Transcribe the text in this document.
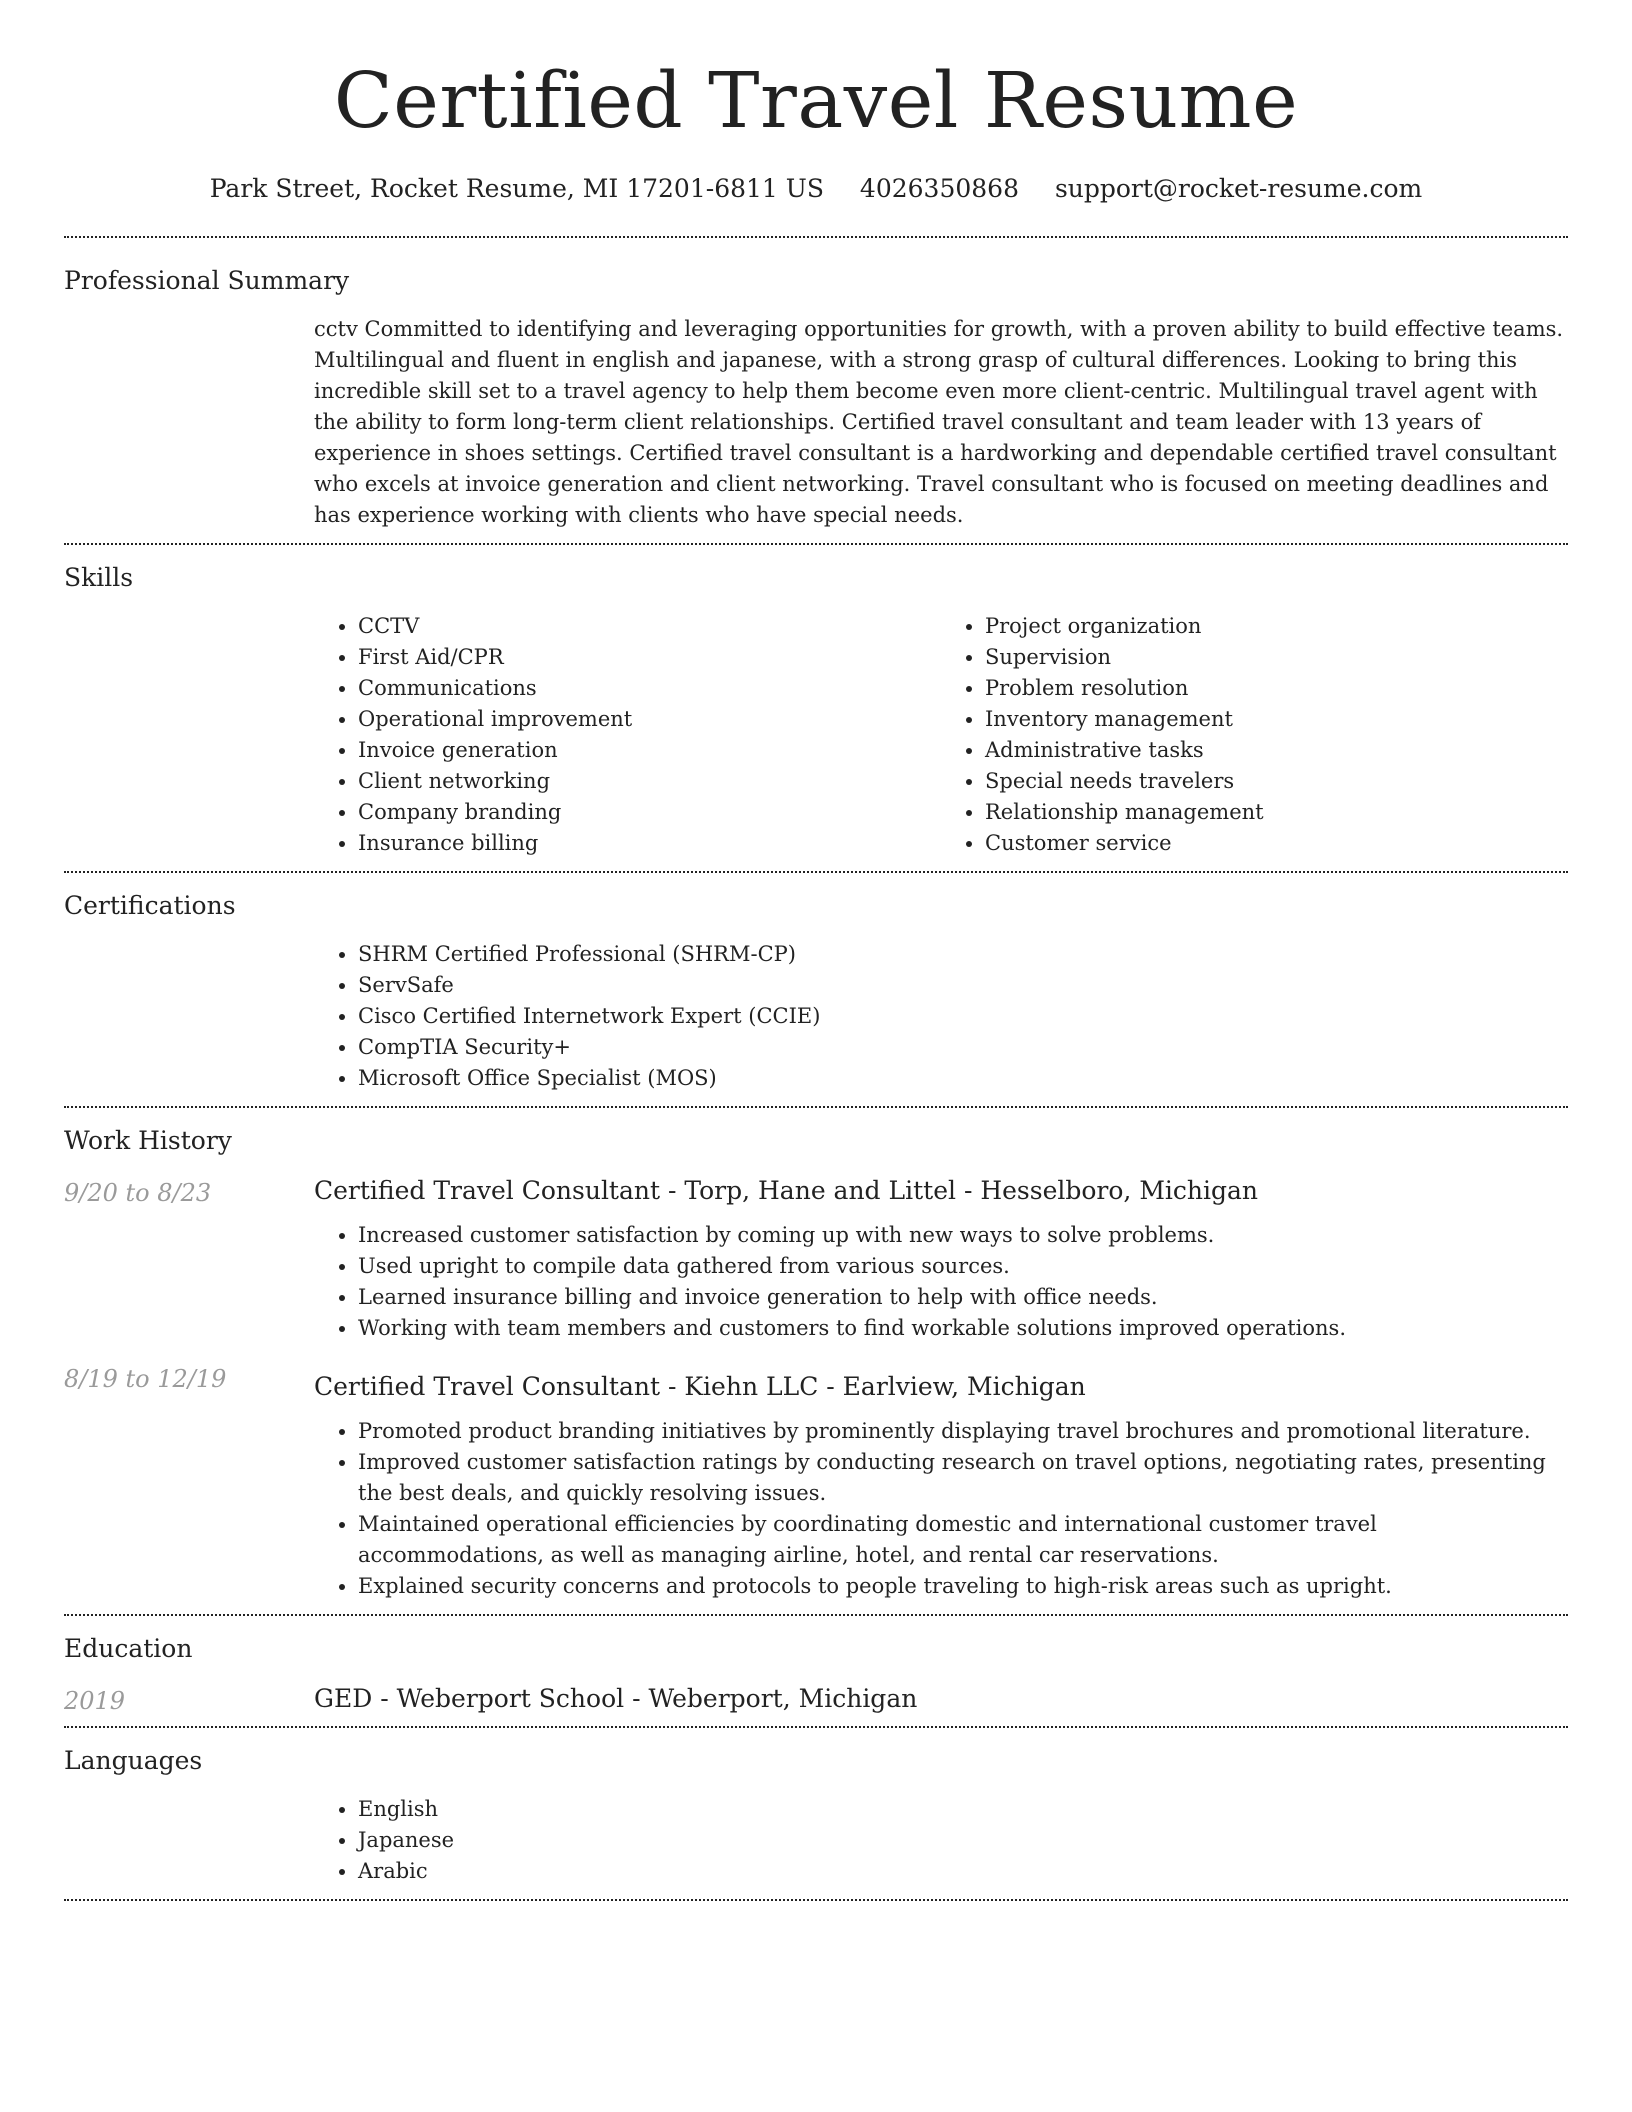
Certified Travel Resume
Park Street, Rocket Resume, MI 17201-6811 US 4026350868 support@rocket-resume.com
Professional Summary

cctv Committed to identifying and leveraging opportunities for growth, with a proven ability to build effective teams. Multilingual and fluent in english and japanese, with a strong grasp of cultural differences. Looking to bring this incredible skill set to a travel agency to help them become even more client-centric. Multilingual travel agent with the ability to form long-term client relationships. Certified travel consultant and team leader with 13 years of experience in shoes settings. Certified travel consultant is a hardworking and dependable certified travel consultant who excels at invoice generation and client networking. Travel consultant who is focused on meeting deadlines and has experience working with clients who have special needs.

Skills
• CCTV
• First Aid/CPR
• Communications
• Operational improvement
• Invoice generation
• Client networking
• Company branding
• Insurance billing
• Project organization
• Supervision
• Problem resolution
• Inventory management
• Administrative tasks
• Special needs travelers
• Relationship management
• Customer service
Certifications
• SHRM Certified Professional (SHRM-CP)
• ServSafe
• Cisco Certified Internetwork Expert (CCIE)
• CompTIA Security+
• Microsoft Office Specialist (MOS)
Work History
9/20 to 8/23	Certified Travel Consultant - Torp, Hane and Littel - Hesselboro, Michigan
• Increased customer satisfaction by coming up with new ways to solve problems.
• Used upright to compile data gathered from various sources.
• Learned insurance billing and invoice generation to help with office needs.
• Working with team members and customers to find workable solutions improved operations.
8/19 to 12/19	Certified Travel Consultant - Kiehn LLC - Earlview, Michigan
• Promoted product branding initiatives by prominently displaying travel brochures and promotional literature.
• Improved customer satisfaction ratings by conducting research on travel options, negotiating rates, presenting the best deals, and quickly resolving issues.
• Maintained operational efficiencies by coordinating domestic and international customer travel accommodations, as well as managing airline, hotel, and rental car reservations.
• Explained security concerns and protocols to people traveling to high-risk areas such as upright.
Education
2019	GED - Weberport School - Weberport, Michigan
Languages
• English
• Japanese
• Arabic
